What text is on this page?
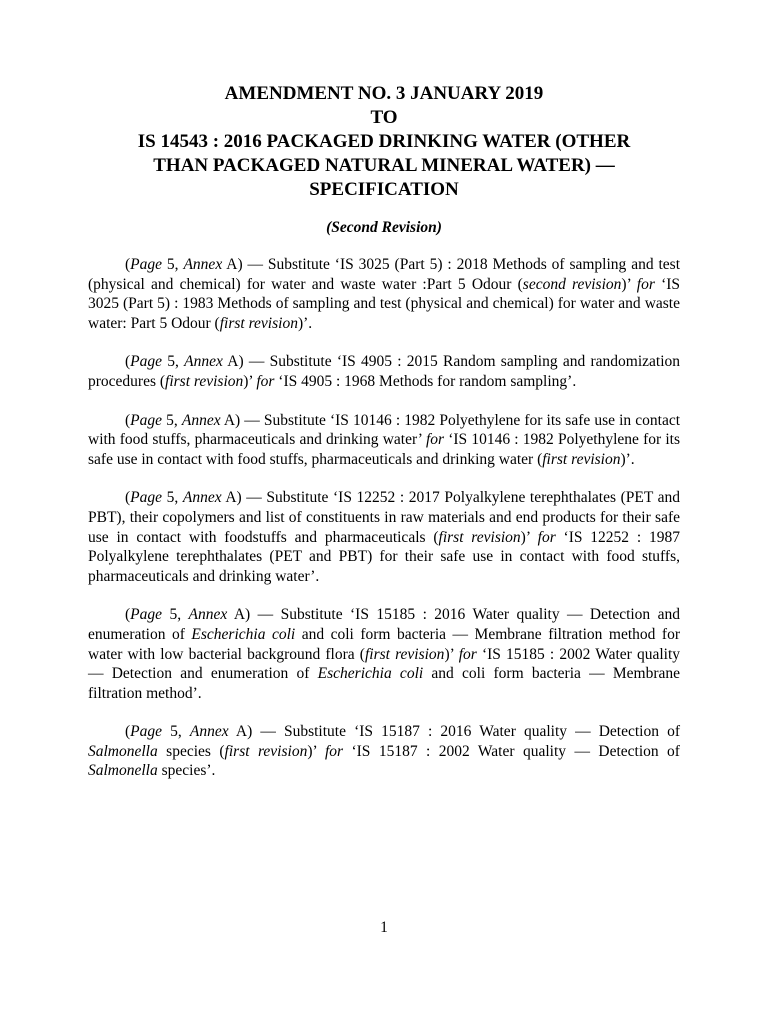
AMENDMENT NO. 3 JANUARY 2019

TO

IS 14543 : 2016 PACKAGED DRINKING WATER (OTHER

THAN PACKAGED NATURAL MINERAL WATER) —

SPECIFICATION

(Second Revision)

(Page 5, Annex A) — Substitute ‘IS 3025 (Part 5) : 2018 Methods of sampling and test (physical and chemical) for water and waste water :Part 5 Odour (second revision)’ for ‘IS 3025 (Part 5) : 1983 Methods of sampling and test (physical and chemical) for water and waste water: Part 5 Odour (first revision)’.

(Page 5, Annex A) — Substitute ‘IS 4905 : 2015 Random sampling and randomization procedures (first revision)’ for ‘IS 4905 : 1968 Methods for random sampling’.

(Page 5, Annex A) — Substitute ‘IS 10146 : 1982 Polyethylene for its safe use in contact with food stuffs, pharmaceuticals and drinking water’ for ‘IS 10146 : 1982 Polyethylene for its safe use in contact with food stuffs, pharmaceuticals and drinking water (first revision)’.

(Page 5, Annex A) — Substitute ‘IS 12252 : 2017 Polyalkylene terephthalates (PET and PBT), their copolymers and list of constituents in raw materials and end products for their safe use in contact with foodstuffs and pharmaceuticals (first revision)’ for ‘IS 12252 : 1987 Polyalkylene terephthalates (PET and PBT) for their safe use in contact with food stuffs, pharmaceuticals and drinking water’.

(Page 5, Annex A) — Substitute ‘IS 15185 : 2016 Water quality — Detection and enumeration of Escherichia coli and coli form bacteria — Membrane filtration method for water with low bacterial background flora (first revision)’ for ‘IS 15185 : 2002 Water quality — Detection and enumeration of Escherichia coli and coli form bacteria — Membrane filtration method’.

(Page 5, Annex A) — Substitute ‘IS 15187 : 2016 Water quality — Detection of Salmonella species (first revision)’ for ‘IS 15187 : 2002 Water quality — Detection of Salmonella species’.

1
